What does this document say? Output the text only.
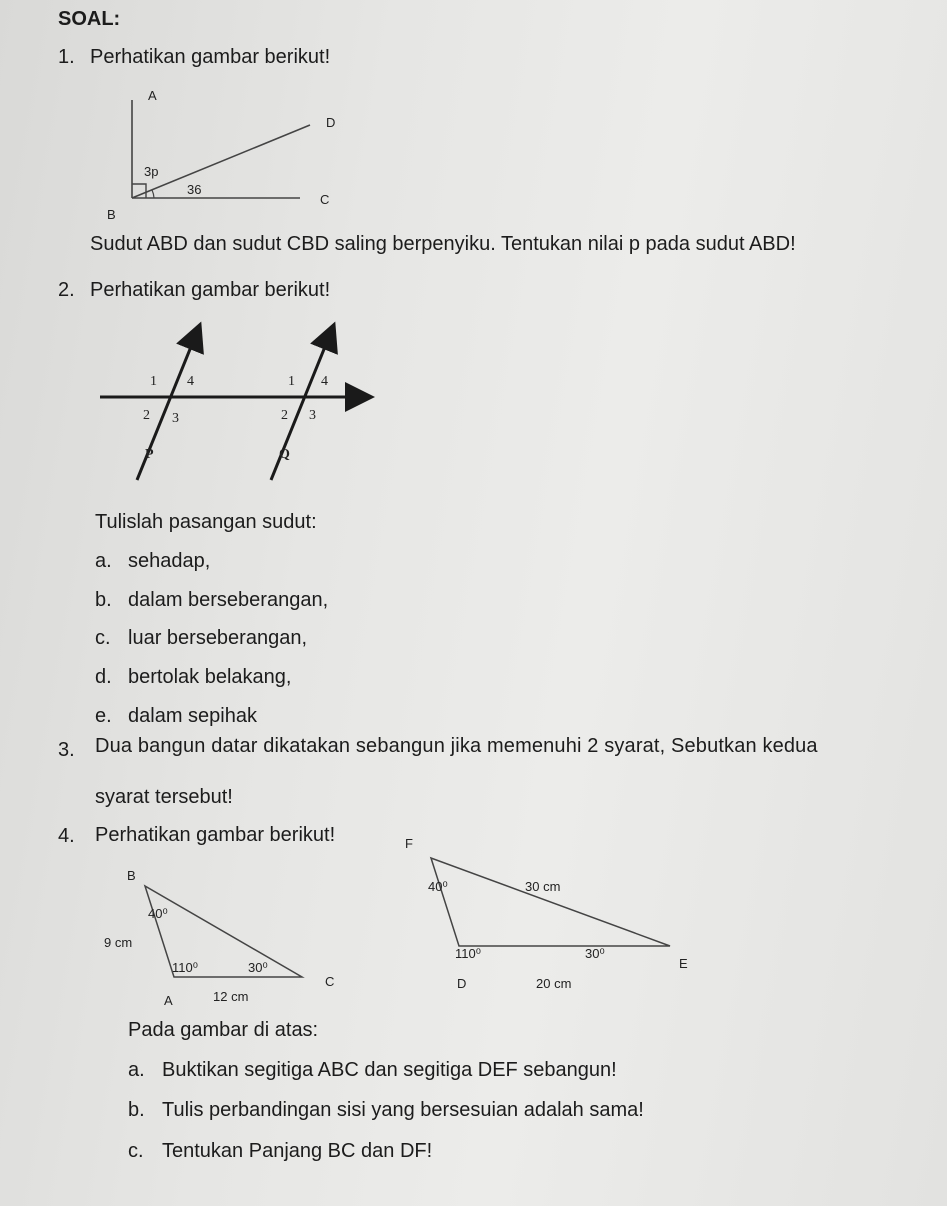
SOAL:
1. Perhatikan gambar berikut!
A
D
3p
36
B
C
Sudut ABD dan sudut CBD saling berpenyiku. Tentukan nilai p pada sudut ABD!
2. Perhatikan gambar berikut!
1 4
2 3
1 4
2 3
P	Q
Tulislah pasangan sudut:
a. sehadap,
b. dalam berseberangan,
c. luar berseberangan,
d. bertolak belakang,
e. dalam sepihak
3. Dua bangun datar dikatakan sebangun jika memenuhi 2 syarat, Sebutkan kedua
syarat tersebut!
4. Perhatikan gambar berikut!
B
40⁰
9 cm
110⁰	30⁰
C
A	12 cm
F
40⁰	30 cm
110⁰	30⁰
E
D	20 cm
Pada gambar di atas:
a. Buktikan segitiga ABC dan segitiga DEF sebangun!
b. Tulis perbandingan sisi yang bersesuian adalah sama!
c. Tentukan Panjang BC dan DF!
